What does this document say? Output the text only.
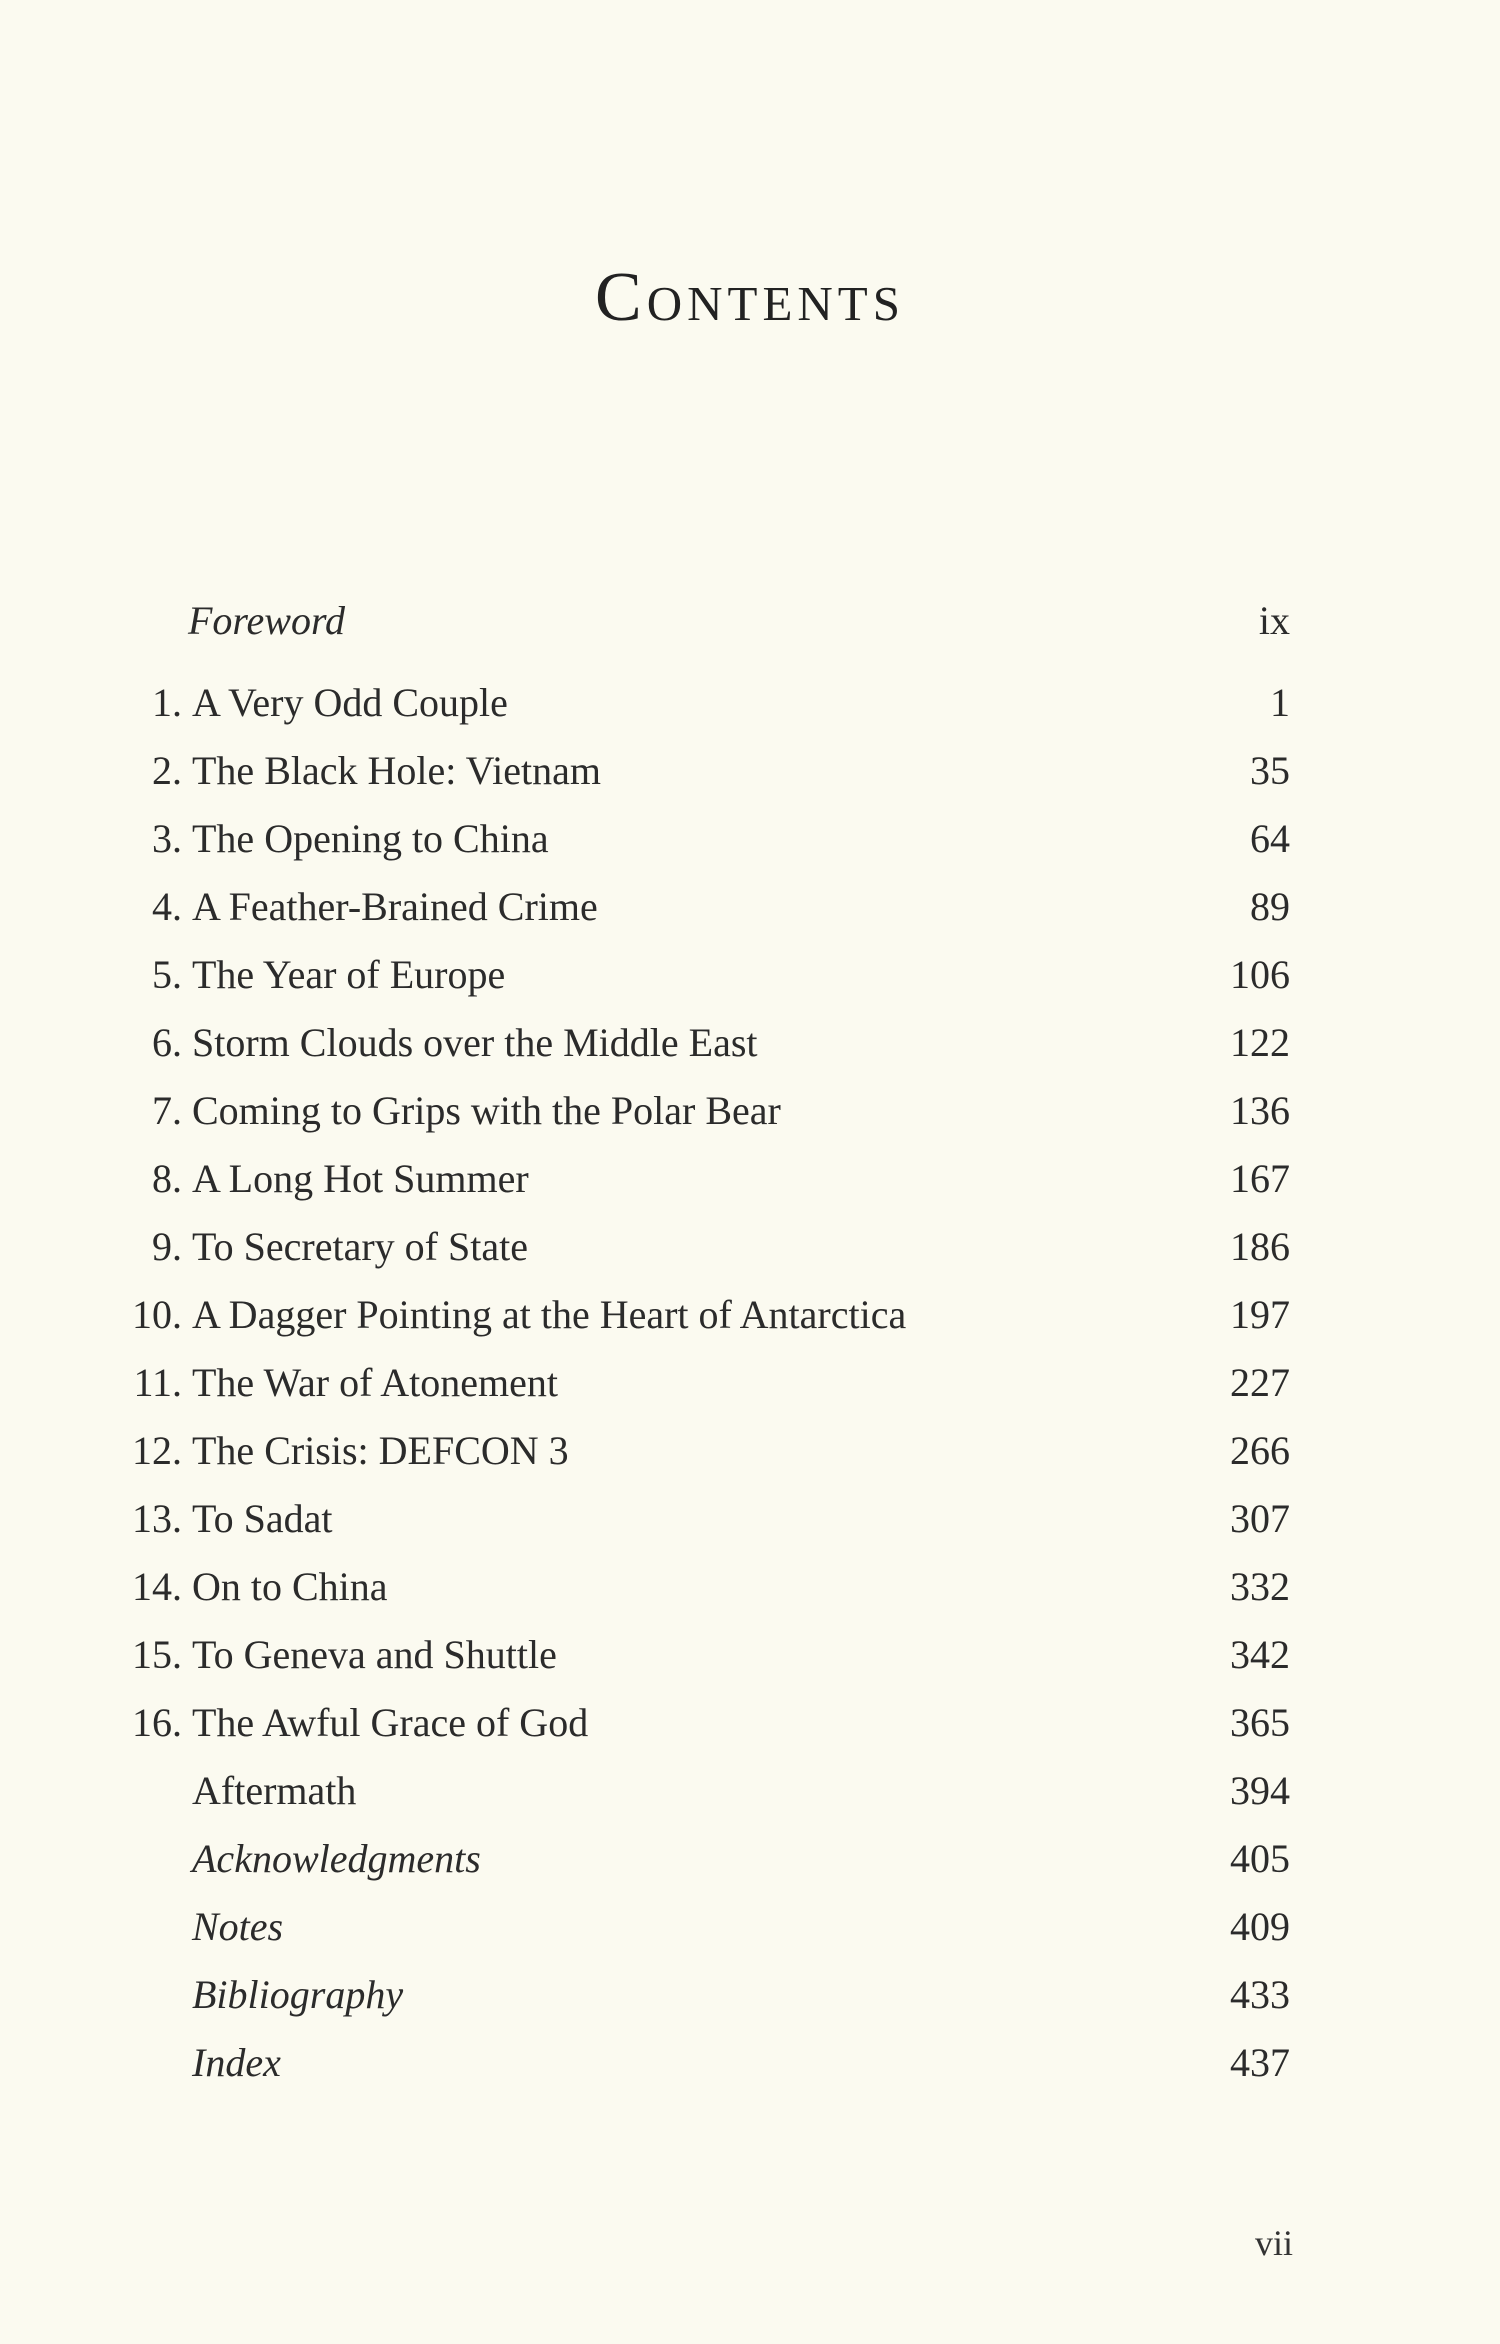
Contents
Foreword	ix
1. A Very Odd Couple	1
2. The Black Hole: Vietnam	35
3. The Opening to China	64
4. A Feather-Brained Crime	89
5. The Year of Europe	106
6. Storm Clouds over the Middle East	122
7. Coming to Grips with the Polar Bear	136
8. A Long Hot Summer	167
9. To Secretary of State	186
10. A Dagger Pointing at the Heart of Antarctica	197
11. The War of Atonement	227
12. The Crisis: DEFCON 3	266
13. To Sadat	307
14. On to China	332
15. To Geneva and Shuttle	342
16. The Awful Grace of God	365
Aftermath	394
Acknowledgments	405
Notes	409
Bibliography	433
Index	437
vii
